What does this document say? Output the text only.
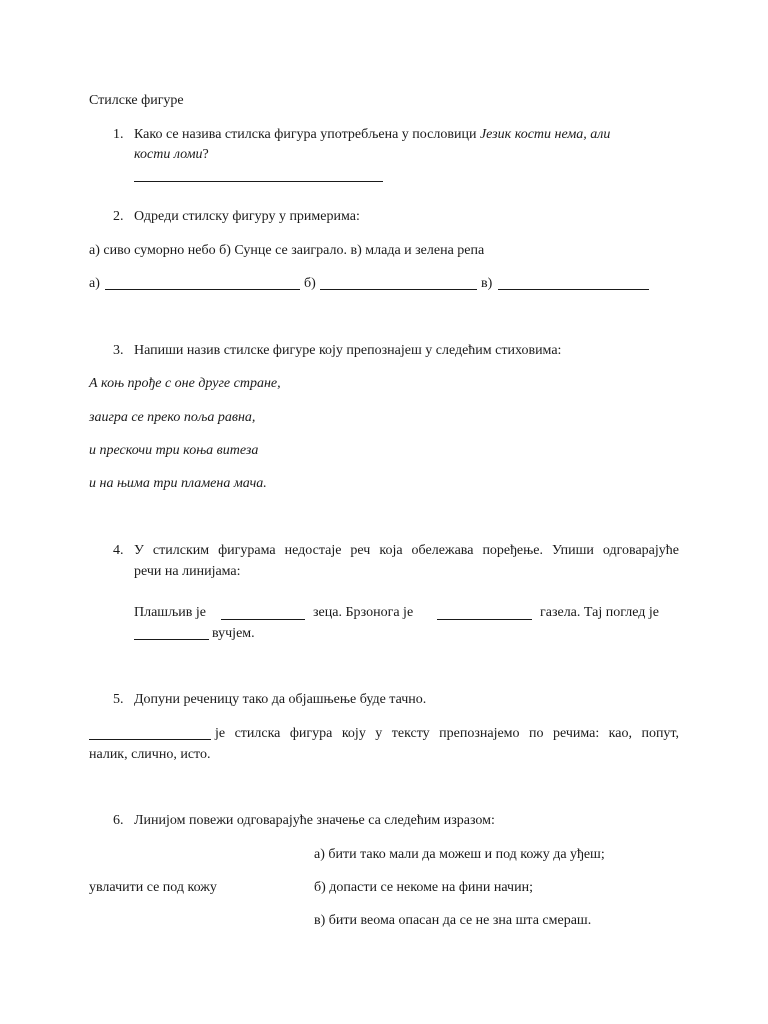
Стилске фигуре
1. Како се назива стилска фигура употребљена у пословици Језик кости нема, али
кости ломи?
2. Одреди стилску фигуру у примерима:
а) сиво суморно небо б) Сунце се заиграло. в) млада и зелена репа
а)	б)	в)
3. Напиши назив стилске фигуре коју препознајеш у следећим стиховима:
А коњ прође с оне друге стране,
заигра се преко поља равна,
и прескочи три коња витеза
и на њима три пламена мача.
4. У стилским фигурама недостаје реч која обележава поређење. Упиши одговарајуће
речи на линијама:
Плашљив је	зеца. Брзонога је	газела. Тај поглед је
вучјем.
5. Допуни реченицу тако да објашњење буде тачно.
је стилска фигура коју у тексту препознајемо по речима: као, попут,
налик, слично, исто.
6. Линијом повежи одговарајуће значење са следећим изразом:
а) бити тако мали да можеш и под кожу да уђеш;
увлачити се под кожу	б) допасти се некоме на фини начин;
в) бити веома опасан да се не зна шта смераш.
